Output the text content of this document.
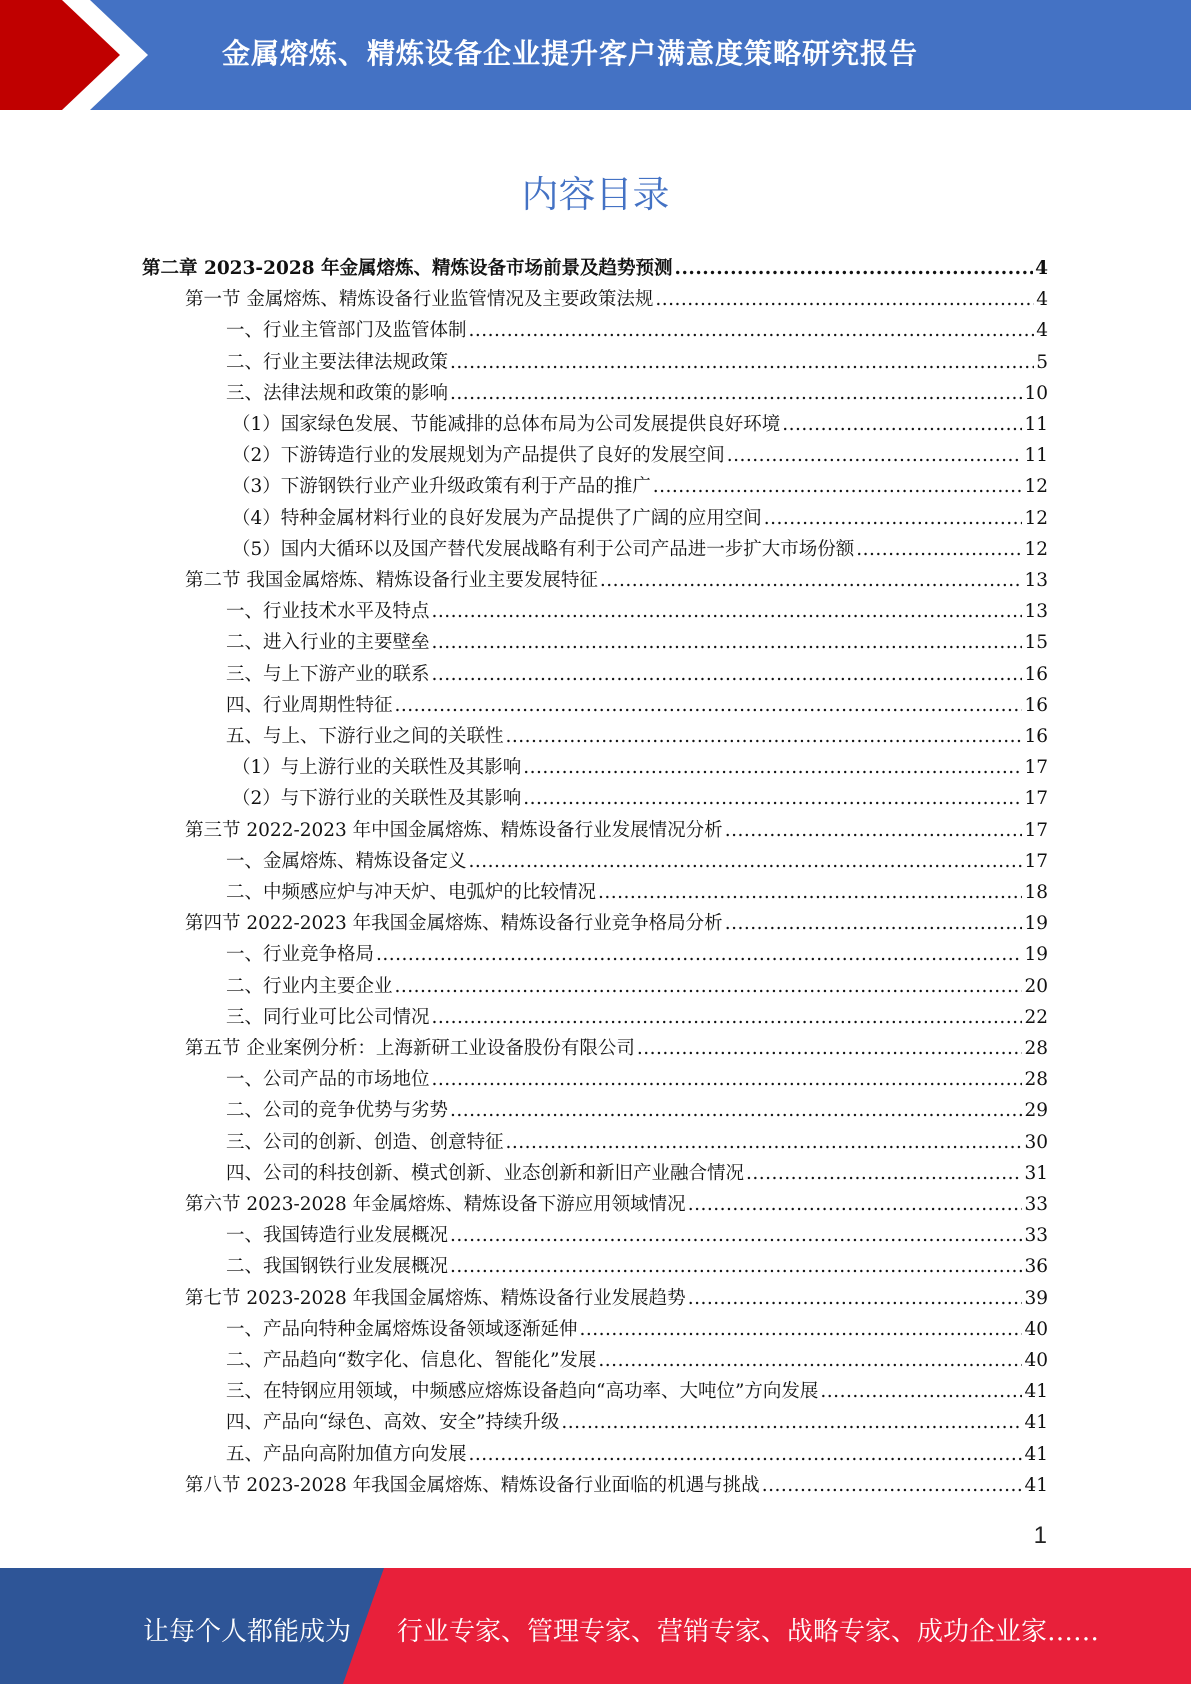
金属熔炼、精炼设备企业提升客户满意度策略研究报告
内容目录
第二章 2023-2028 年金属熔炼、精炼设备市场前景及趋势预测 .....	4
第一节 金属熔炼、精炼设备行业监管情况及主要政策法规 .....	4
一、行业主管部门及监管体制 .....	4
二、行业主要法律法规政策 .....	5
三、法律法规和政策的影响 .....	10
（1）国家绿色发展、节能减排的总体布局为公司发展提供良好环境 .....	11
（2）下游铸造行业的发展规划为产品提供了良好的发展空间 .....	11
（3）下游钢铁行业产业升级政策有利于产品的推广 .....	12
（4）特种金属材料行业的良好发展为产品提供了广阔的应用空间 .....	12
（5）国内大循环以及国产替代发展战略有利于公司产品进一步扩大市场份额 .....	12
第二节 我国金属熔炼、精炼设备行业主要发展特征 .....	13
一、行业技术水平及特点 .....	13
二、进入行业的主要壁垒 .....	15
三、与上下游产业的联系 .....	16
四、行业周期性特征 .....	16
五、与上、下游行业之间的关联性 .....	16
（1）与上游行业的关联性及其影响 .....	17
（2）与下游行业的关联性及其影响 .....	17
第三节 2022-2023 年中国金属熔炼、精炼设备行业发展情况分析 .....	17
一、金属熔炼、精炼设备定义 .....	17
二、中频感应炉与冲天炉、电弧炉的比较情况 .....	18
第四节 2022-2023 年我国金属熔炼、精炼设备行业竞争格局分析 .....	19
一、行业竞争格局 .....	19
二、行业内主要企业 .....	20
三、同行业可比公司情况 .....	22
第五节 企业案例分析：上海新研工业设备股份有限公司 .....	28
一、公司产品的市场地位 .....	28
二、公司的竞争优势与劣势 .....	29
三、公司的创新、创造、创意特征 .....	30
四、公司的科技创新、模式创新、业态创新和新旧产业融合情况 .....	31
第六节 2023-2028 年金属熔炼、精炼设备下游应用领域情况 .....	33
一、我国铸造行业发展概况 .....	33
二、我国钢铁行业发展概况 .....	36
第七节 2023-2028 年我国金属熔炼、精炼设备行业发展趋势 .....	39
一、产品向特种金属熔炼设备领域逐渐延伸 .....	40
二、产品趋向“数字化、信息化、智能化”发展 .....	40
三、在特钢应用领域，中频感应熔炼设备趋向“高功率、大吨位”方向发展 .....	41
四、产品向“绿色、高效、安全”持续升级 .....	41
五、产品向高附加值方向发展 .....	41
第八节 2023-2028 年我国金属熔炼、精炼设备行业面临的机遇与挑战 .....	41
1
让每个人都能成为 行业专家、管理专家、营销专家、战略专家、成功企业家……
